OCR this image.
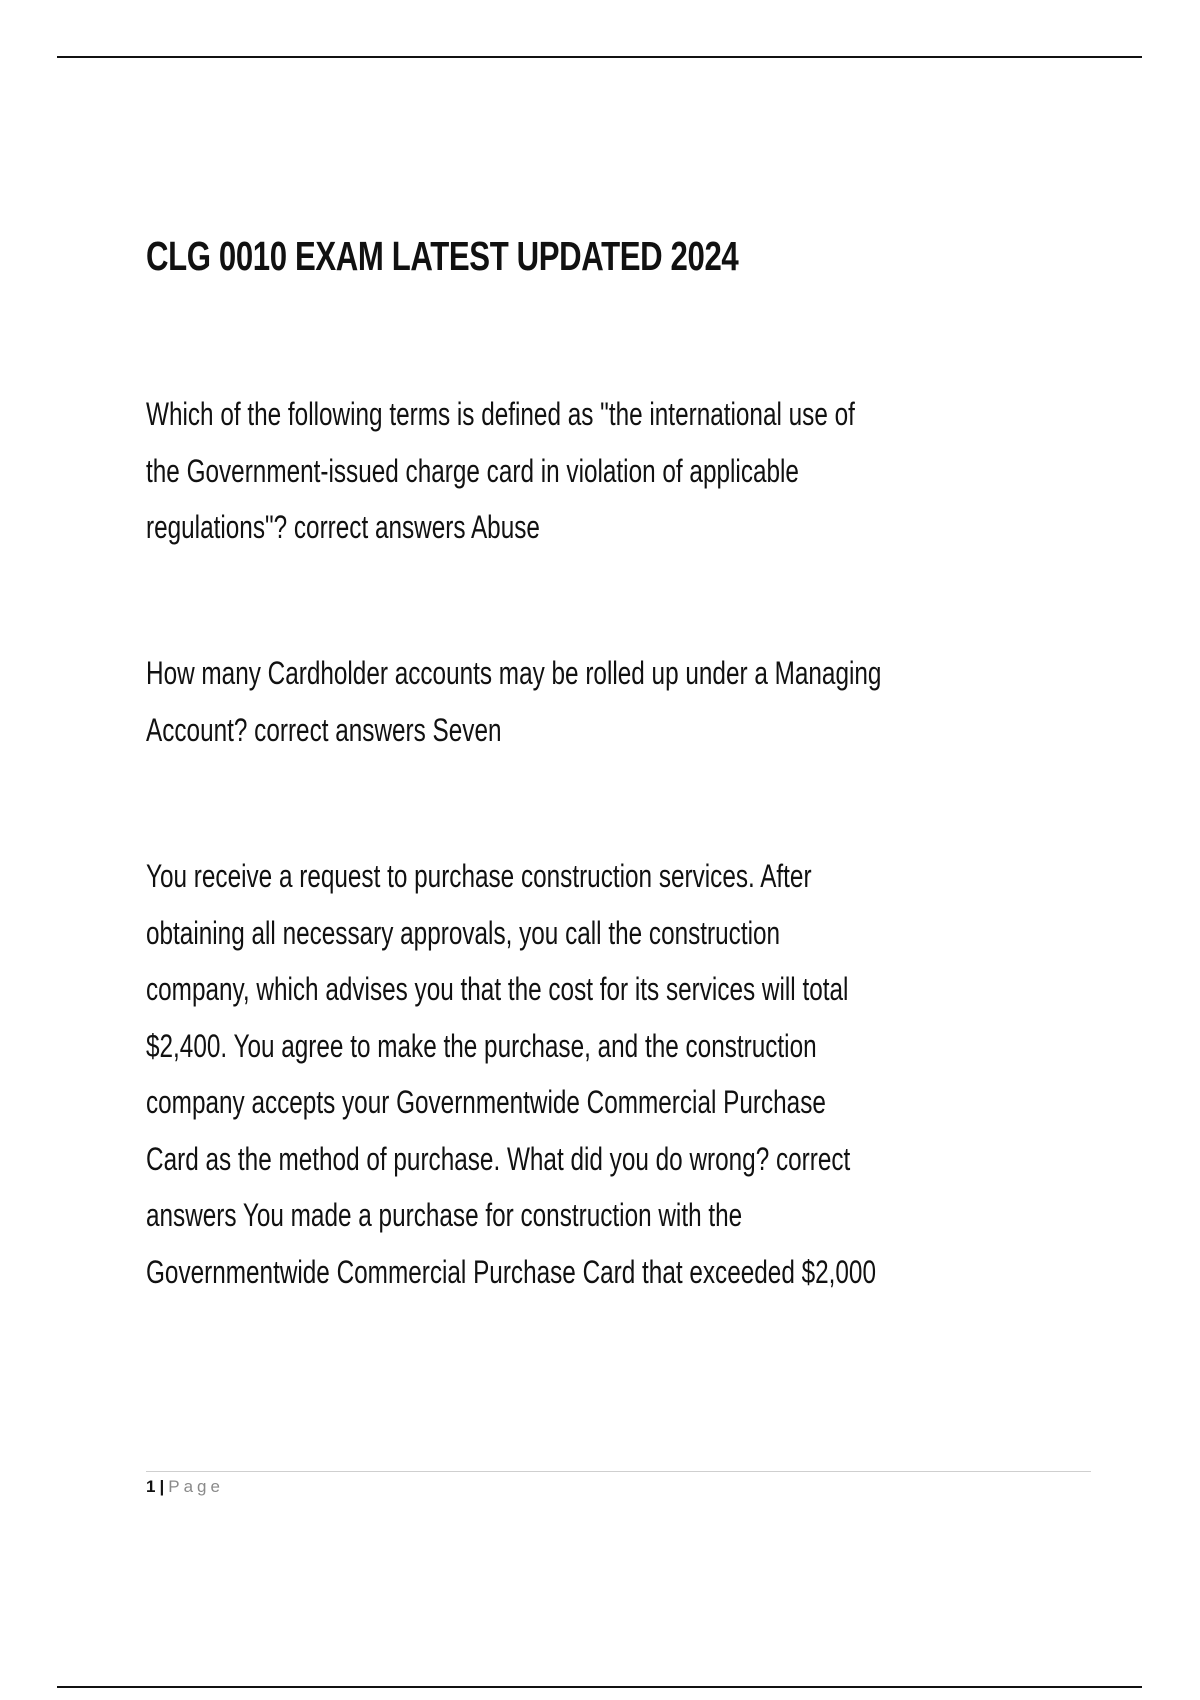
CLG 0010 EXAM LATEST UPDATED 2024

Which of the following terms is defined as "the international use of
the Government-issued charge card in violation of applicable
regulations"? correct answers Abuse

How many Cardholder accounts may be rolled up under a Managing
Account? correct answers Seven

You receive a request to purchase construction services. After
obtaining all necessary approvals, you call the construction
company, which advises you that the cost for its services will total
$2,400. You agree to make the purchase, and the construction
company accepts your Governmentwide Commercial Purchase
Card as the method of purchase. What did you do wrong? correct
answers You made a purchase for construction with the
Governmentwide Commercial Purchase Card that exceeded $2,000

1 | Page
